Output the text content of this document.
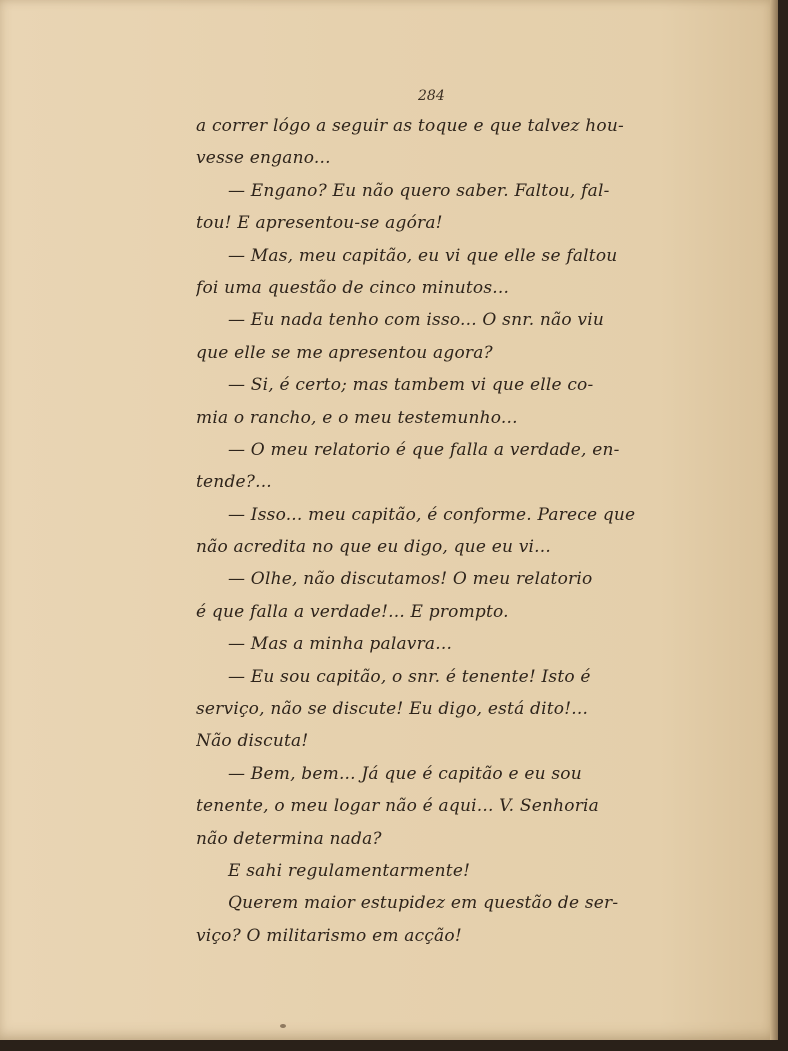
284
a correr lógo a seguir as toque e que talvez hou-
vesse engano...
— Engano? Eu não quero saber. Faltou, fal-
tou! E apresentou-se agóra!
— Mas, meu capitão, eu vi que elle se faltou
foi uma questão de cinco minutos...
— Eu nada tenho com isso... O snr. não viu
que elle se me apresentou agora?
— Si, é certo; mas tambem vi que elle co-
mia o rancho, e o meu testemunho...
— O meu relatorio é que falla a verdade, en-
tende?...
— Isso... meu capitão, é conforme. Parece que
não acredita no que eu digo, que eu vi...
— Olhe, não discutamos! O meu relatorio
é que falla a verdade!... E prompto.
— Mas a minha palavra...
— Eu sou capitão, o snr. é tenente! Isto é
serviço, não se discute! Eu digo, está dito!...
Não discuta!
— Bem, bem... Já que é capitão e eu sou
tenente, o meu logar não é aqui... V. Senhoria
não determina nada?
E sahi regulamentarmente!
Querem maior estupidez em questão de ser-
viço? O militarismo em acção!
